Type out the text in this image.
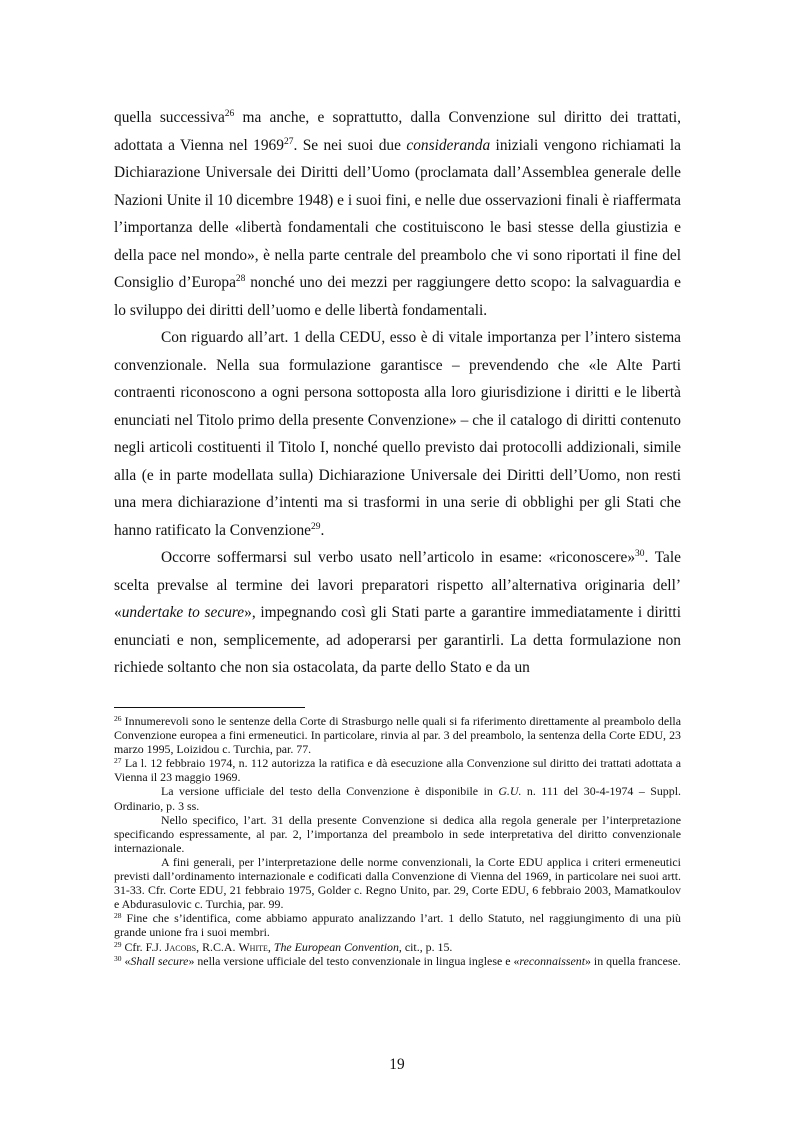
quella successiva$^{26}$ ma anche, e soprattutto, dalla Convenzione sul diritto dei trattati, adottata a Vienna nel 1969$^{27}$. Se nei suoi due consideranda iniziali vengono richiamati la Dichiarazione Universale dei Diritti dell’Uomo (proclamata dall’Assemblea generale delle Nazioni Unite il 10 dicembre 1948) e i suoi fini, e nelle due osservazioni finali è riaffermata l’importanza delle «libertà fondamentali che costituiscono le basi stesse della giustizia e della pace nel mondo», è nella parte centrale del preambolo che vi sono riportati il fine del Consiglio d’Europa$^{28}$ nonché uno dei mezzi per raggiungere detto scopo: la salvaguardia e lo sviluppo dei diritti dell’uomo e delle libertà fondamentali.

Con riguardo all’art. 1 della CEDU, esso è di vitale importanza per l’intero sistema convenzionale. Nella sua formulazione garantisce – prevendendo che «le Alte Parti contraenti riconoscono a ogni persona sottoposta alla loro giurisdizione i diritti e le libertà enunciati nel Titolo primo della presente Convenzione» – che il catalogo di diritti contenuto negli articoli costituenti il Titolo I, nonché quello previsto dai protocolli addizionali, simile alla (e in parte modellata sulla) Dichiarazione Universale dei Diritti dell’Uomo, non resti una mera dichiarazione d’intenti ma si trasformi in una serie di obblighi per gli Stati che hanno ratificato la Convenzione$^{29}$.

Occorre soffermarsi sul verbo usato nell’articolo in esame: «riconoscere»$^{30}$. Tale scelta prevalse al termine dei lavori preparatori rispetto all’alternativa originaria dell’ «undertake to secure», impegnando così gli Stati parte a garantire immediatamente i diritti enunciati e non, semplicemente, ad adoperarsi per garantirli. La detta formulazione non richiede soltanto che non sia ostacolata, da parte dello Stato e da un

$^{26}$ Innumerevoli sono le sentenze della Corte di Strasburgo nelle quali si fa riferimento direttamente al preambolo della Convenzione europea a fini ermeneutici. In particolare, rinvia al par. 3 del preambolo, la sentenza della Corte EDU, 23 marzo 1995, Loizidou c. Turchia, par. 77.

$^{27}$ La l. 12 febbraio 1974, n. 112 autorizza la ratifica e dà esecuzione alla Convenzione sul diritto dei trattati adottata a Vienna il 23 maggio 1969.

La versione ufficiale del testo della Convenzione è disponibile in G.U. n. 111 del 30-4-1974 – Suppl. Ordinario, p. 3 ss.

Nello specifico, l’art. 31 della presente Convenzione si dedica alla regola generale per l’interpretazione specificando espressamente, al par. 2, l’importanza del preambolo in sede interpretativa del diritto convenzionale internazionale.

A fini generali, per l’interpretazione delle norme convenzionali, la Corte EDU applica i criteri ermeneutici previsti dall’ordinamento internazionale e codificati dalla Convenzione di Vienna del 1969, in particolare nei suoi artt. 31-33. Cfr. Corte EDU, 21 febbraio 1975, Golder c. Regno Unito, par. 29, Corte EDU, 6 febbraio 2003, Mamatkoulov e Abdurasulovic c. Turchia, par. 99.

$^{28}$ Fine che s’identifica, come abbiamo appurato analizzando l’art. 1 dello Statuto, nel raggiungimento di una più grande unione fra i suoi membri.

$^{29}$ Cfr. F.J. Jacobs, R.C.A. White, The European Convention, cit., p. 15.

$^{30}$ «Shall secure» nella versione ufficiale del testo convenzionale in lingua inglese e «reconnaissent» in quella francese.

19
